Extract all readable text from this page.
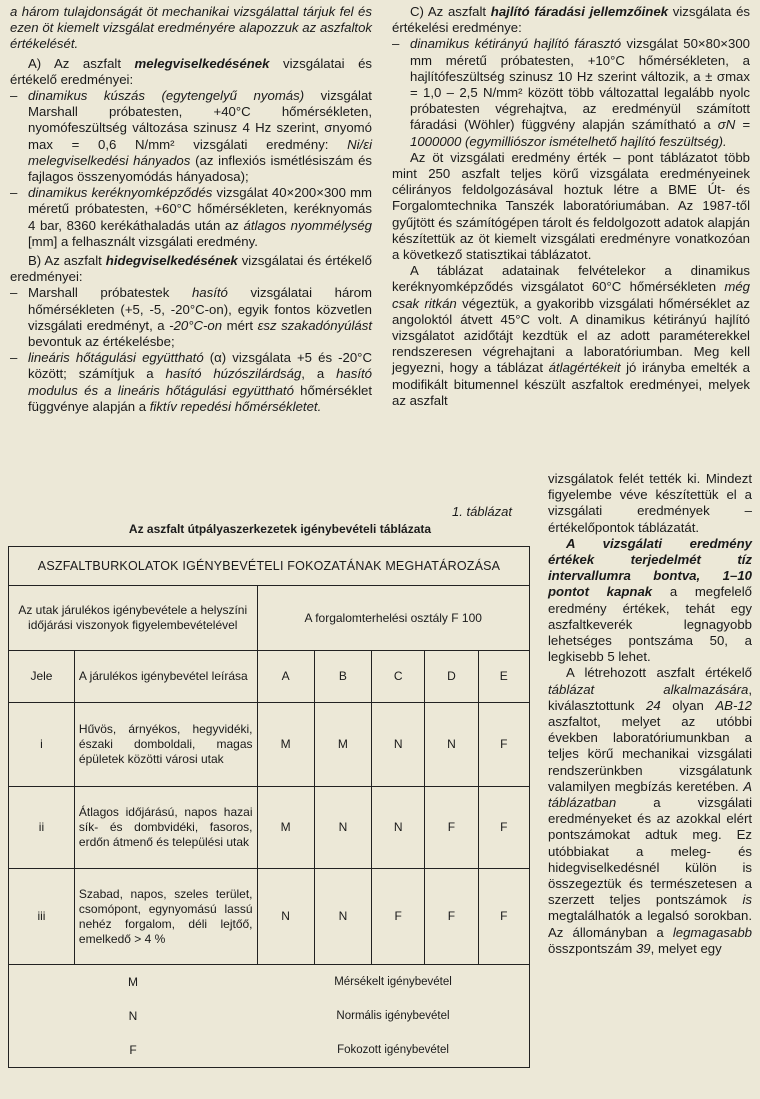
a három tulajdonságát öt mechanikai vizsgálattal tárjuk fel és ezen öt kiemelt vizsgálat eredményére alapozzuk az aszfaltok értékelését.

A) Az aszfalt melegviselkedésének vizsgálatai és értékelő eredményei:

– dinamikus kúszás (egytengelyű nyomás) vizsgálat Marshall próbatesten, +40°C hőmérsékleten, nyomófeszültség változása szinusz 4 Hz szerint, σnyomó max = 0,6 N/mm² vizsgálati eredmény: Ni/εi melegviselkedési hányados (az inflexiós ismétlésiszám és fajlagos összenyomódás hányadosa);

– dinamikus keréknyomképződés vizsgálat 40×200×300 mm méretű próbatesten, +60°C hőmérsékleten, keréknyomás 4 bar, 8360 kerékáthaladás után az átlagos nyommélység [mm] a felhasznált vizsgálati eredmény.

B) Az aszfalt hidegviselkedésének vizsgálatai és értékelő eredményei:

– Marshall próbatestek hasító vizsgálatai három hőmérsékleten (+5, -5, -20°C-on), egyik fontos közvetlen vizsgálati eredményt, a -20°C-on mért εsz szakadónyúlást bevontuk az értékelésbe;

– lineáris hőtágulási együttható (α) vizsgálata +5 és -20°C között; számítjuk a hasító húzószilárdság, a hasító modulus és a lineáris hőtágulási együttható hőmérséklet függvénye alapján a fiktív repedési hőmérsékletet.

C) Az aszfalt hajlító fáradási jellemzőinek vizsgálata és értékelési eredménye:

– dinamikus kétirányú hajlító fárasztó vizsgálat 50×80×300 mm méretű próbatesten, +10°C hőmérsékleten, a hajlítófeszültség szinusz 10 Hz szerint változik, a ± σmax = 1,0 – 2,5 N/mm² között több változattal legalább nyolc próbatesten végrehajtva, az eredményül számított fáradási (Wöhler) függvény alapján számítható a σN = 1000000 (egymilliószor ismételhető hajlító feszültség).

Az öt vizsgálati eredmény érték – pont táblázatot több mint 250 aszfalt teljes körű vizsgálata eredményeinek célirányos feldolgozásával hoztuk létre a BME Út- és Forgalomtechnika Tanszék laboratóriumában. Az 1987-től gyűjtött és számítógépen tárolt és feldolgozott adatok alapján készítettük az öt kiemelt vizsgálati eredményre vonatkozóan a következő statisztikai táblázatot.

A táblázat adatainak felvételekor a dinamikus keréknyomképződés vizsgálatot 60°C hőmérsékleten még csak ritkán végeztük, a gyakoribb vizsgálati hőmérséklet az angoloktól átvett 45°C volt. A dinamikus kétirányú hajlító vizsgálatot azidőtájt kezdtük el az adott paraméterekkel rendszeresen végrehajtani a laboratóriumban. Meg kell jegyezni, hogy a táblázat átlagértékeit jó irányba emelték a modifikált bitumennel készült aszfaltok eredményei, melyek az aszfalt

vizsgálatok felét tették ki. Mindezt figyelembe véve készítettük el a vizsgálati eredmények – értékelőpontok táblázatát.

A vizsgálati eredmény értékek terjedelmét tíz intervallumra bontva, 1–10 pontot kapnak a megfelelő eredmény értékek, tehát egy aszfaltkeverék legnagyobb lehetséges pontszáma 50, a legkisebb 5 lehet.

A létrehozott aszfalt értékelő táblázat alkalmazására, kiválasztottunk 24 olyan AB-12 aszfaltot, melyet az utóbbi években laboratóriumunkban a teljes körű mechanikai vizsgálati rendszerünkben vizsgálatunk valamilyen megbízás keretében. A táblázatban a vizsgálati eredményeket és az azokkal elért pontszámokat adtuk meg. Ez utóbbiakat a meleg- és hidegviselkedésnél külön is összegeztük és természetesen a szerzett teljes pontszámok is megtalálhatók a legalsó sorokban. Az állományban a legmagasabb összpontszám 39, melyet egy

1. táblázat
Az aszfalt útpályaszerkezetek igénybevételi táblázata
ASZFALTBURKOLATOK IGÉNYBEVÉTELI FOKOZATÁNAK MEGHATÁROZÁSA						
Az utak járulékos igénybevétele a helyszíni időjárási viszonyok figyelembevételével		A forgalomterhelési osztály F 100				
Jele	A járulékos igénybevétel leírása	A	B	C	D	E
i	Hűvös, árnyékos, hegyvidéki, északi domboldali, magas épületek közötti városi utak	M	M	N	N	F
ii	Átlagos időjárású, napos hazai sík- és dombvidéki, fasoros, erdőn átmenő és települési utak	M	N	N	F	F
iii	Szabad, napos, szeles terület, csomópont, egynyomású lassú nehéz forgalom, déli lejtőő, emelkedő > 4 %	N	N	F	F	F
M		Mérsékelt igénybevétel				
N		Normális igénybevétel				
F		Fokozott igénybevétel				
